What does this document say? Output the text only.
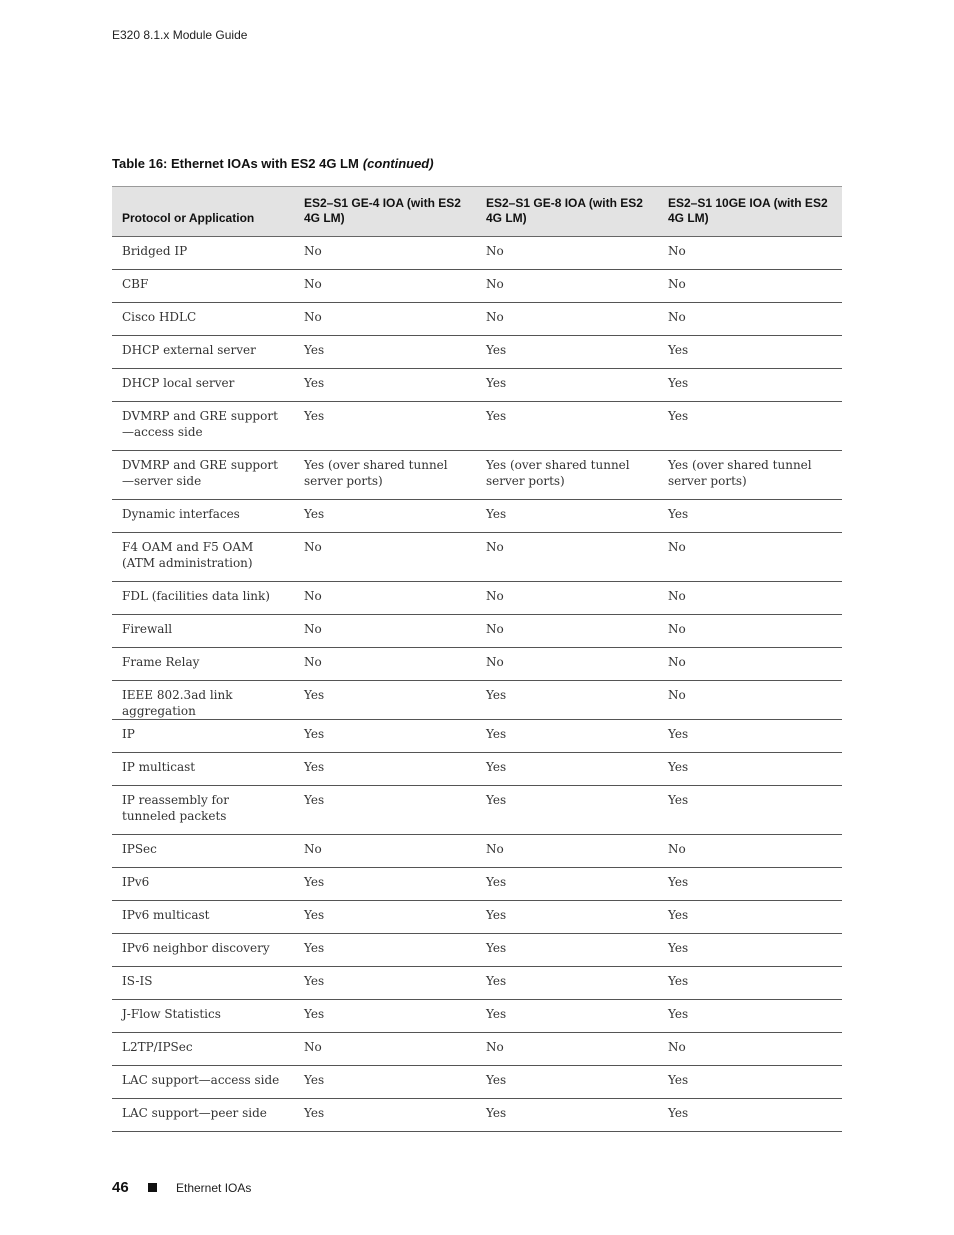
E320 8.1.x Module Guide
Table 16: Ethernet IOAs with ES2 4G LM (continued)
Protocol or Application	ES2–S1 GE-4 IOA (with ES2 4G LM)	ES2–S1 GE-8 IOA (with ES2 4G LM)	ES2–S1 10GE IOA (with ES2 4G LM)
Bridged IP	No	No	No
CBF	No	No	No
Cisco HDLC	No	No	No
DHCP external server	Yes	Yes	Yes
DHCP local server	Yes	Yes	Yes
DVMRP and GRE support—access side	Yes	Yes	Yes
DVMRP and GRE support—server side	Yes (over shared tunnel server ports)	Yes (over shared tunnel server ports)	Yes (over shared tunnel server ports)
Dynamic interfaces	Yes	Yes	Yes
F4 OAM and F5 OAM (ATM administration)	No	No	No
FDL (facilities data link)	No	No	No
Firewall	No	No	No
Frame Relay	No	No	No
IEEE 802.3ad link aggregation	Yes	Yes	No
IP	Yes	Yes	Yes
IP multicast	Yes	Yes	Yes
IP reassembly for tunneled packets	Yes	Yes	Yes
IPSec	No	No	No
IPv6	Yes	Yes	Yes
IPv6 multicast	Yes	Yes	Yes
IPv6 neighbor discovery	Yes	Yes	Yes
IS-IS	Yes	Yes	Yes
J-Flow Statistics	Yes	Yes	Yes
L2TP/IPSec	No	No	No
LAC support—access side	Yes	Yes	Yes
LAC support—peer side	Yes	Yes	Yes
46	Ethernet IOAs
